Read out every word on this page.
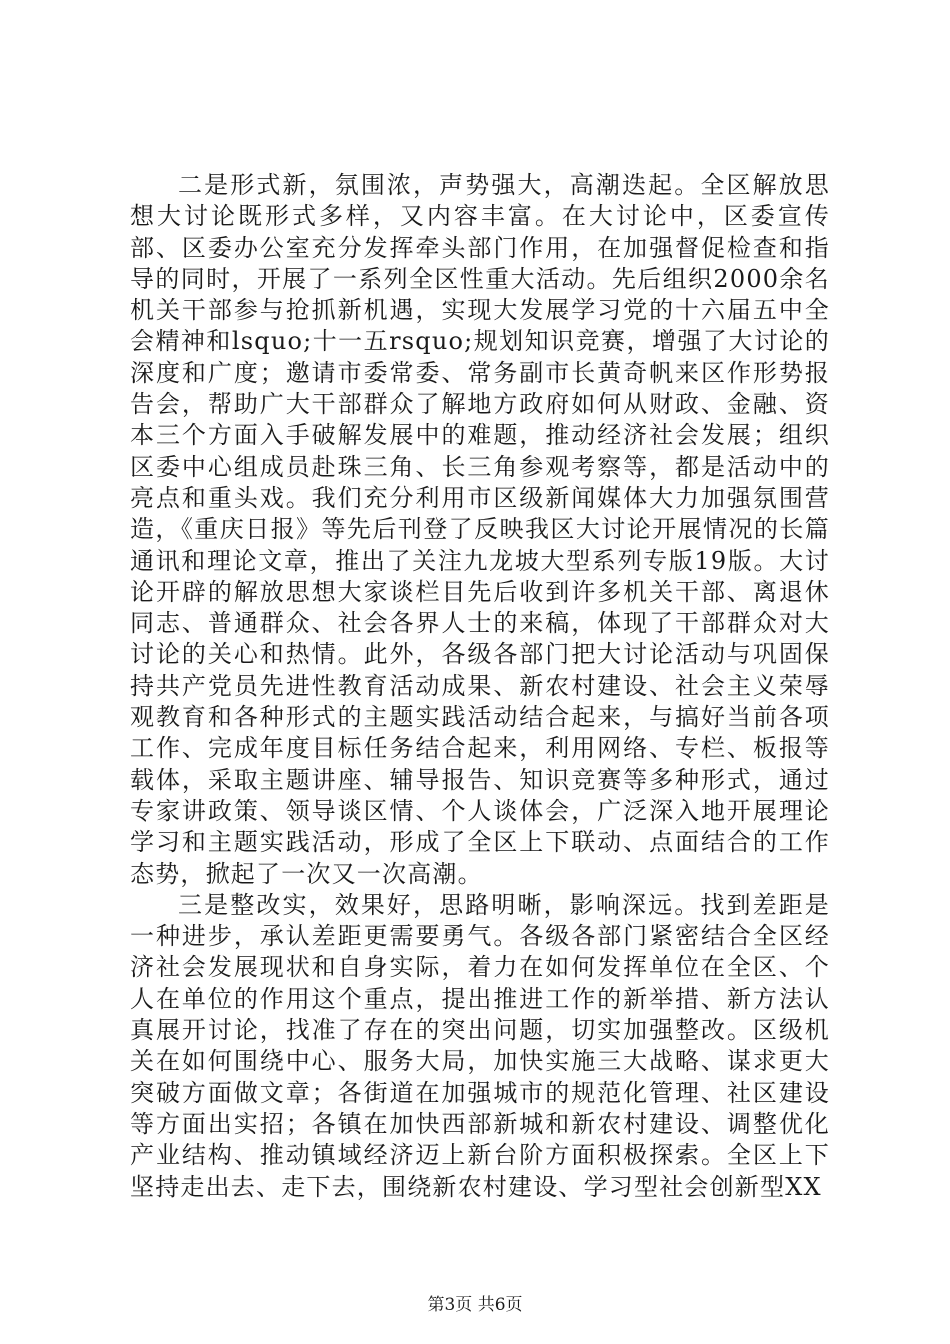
二是形式新，氛围浓，声势强大，高潮迭起。全区解放思想大讨论既形式多样，又内容丰富。在大讨论中，区委宣传部、区委办公室充分发挥牵头部门作用，在加强督促检查和指导的同时，开展了一系列全区性重大活动。先后组织2000余名机关干部参与抢抓新机遇，实现大发展学习党的十六届五中全会精神和lsquo;十一五rsquo;规划知识竞赛，增强了大讨论的深度和广度；邀请市委常委、常务副市长黄奇帆来区作形势报告会，帮助广大干部群众了解地方政府如何从财政、金融、资本三个方面入手破解发展中的难题，推动经济社会发展；组织区委中心组成员赴珠三角、长三角参观考察等，都是活动中的亮点和重头戏。我们充分利用市区级新闻媒体大力加强氛围营造，《重庆日报》等先后刊登了反映我区大讨论开展情况的长篇通讯和理论文章，推出了关注九龙坡大型系列专版19版。大讨论开辟的解放思想大家谈栏目先后收到许多机关干部、离退休同志、普通群众、社会各界人士的来稿，体现了干部群众对大讨论的关心和热情。此外，各级各部门把大讨论活动与巩固保持共产党员先进性教育活动成果、新农村建设、社会主义荣辱观教育和各种形式的主题实践活动结合起来，与搞好当前各项工作、完成年度目标任务结合起来，利用网络、专栏、板报等载体，采取主题讲座、辅导报告、知识竞赛等多种形式，通过专家讲政策、领导谈区情、个人谈体会，广泛深入地开展理论学习和主题实践活动，形成了全区上下联动、点面结合的工作态势，掀起了一次又一次高潮。

三是整改实，效果好，思路明晰，影响深远。找到差距是一种进步，承认差距更需要勇气。各级各部门紧密结合全区经济社会发展现状和自身实际，着力在如何发挥单位在全区、个人在单位的作用这个重点，提出推进工作的新举措、新方法认真展开讨论，找准了存在的突出问题，切实加强整改。区级机关在如何围绕中心、服务大局，加快实施三大战略、谋求更大突破方面做文章；各街道在加强城市的规范化管理、社区建设等方面出实招；各镇在加快西部新城和新农村建设、调整优化产业结构、推动镇域经济迈上新台阶方面积极探索。全区上下坚持走出去、走下去，围绕新农村建设、学习型社会创新型XX

第3页 共6页
